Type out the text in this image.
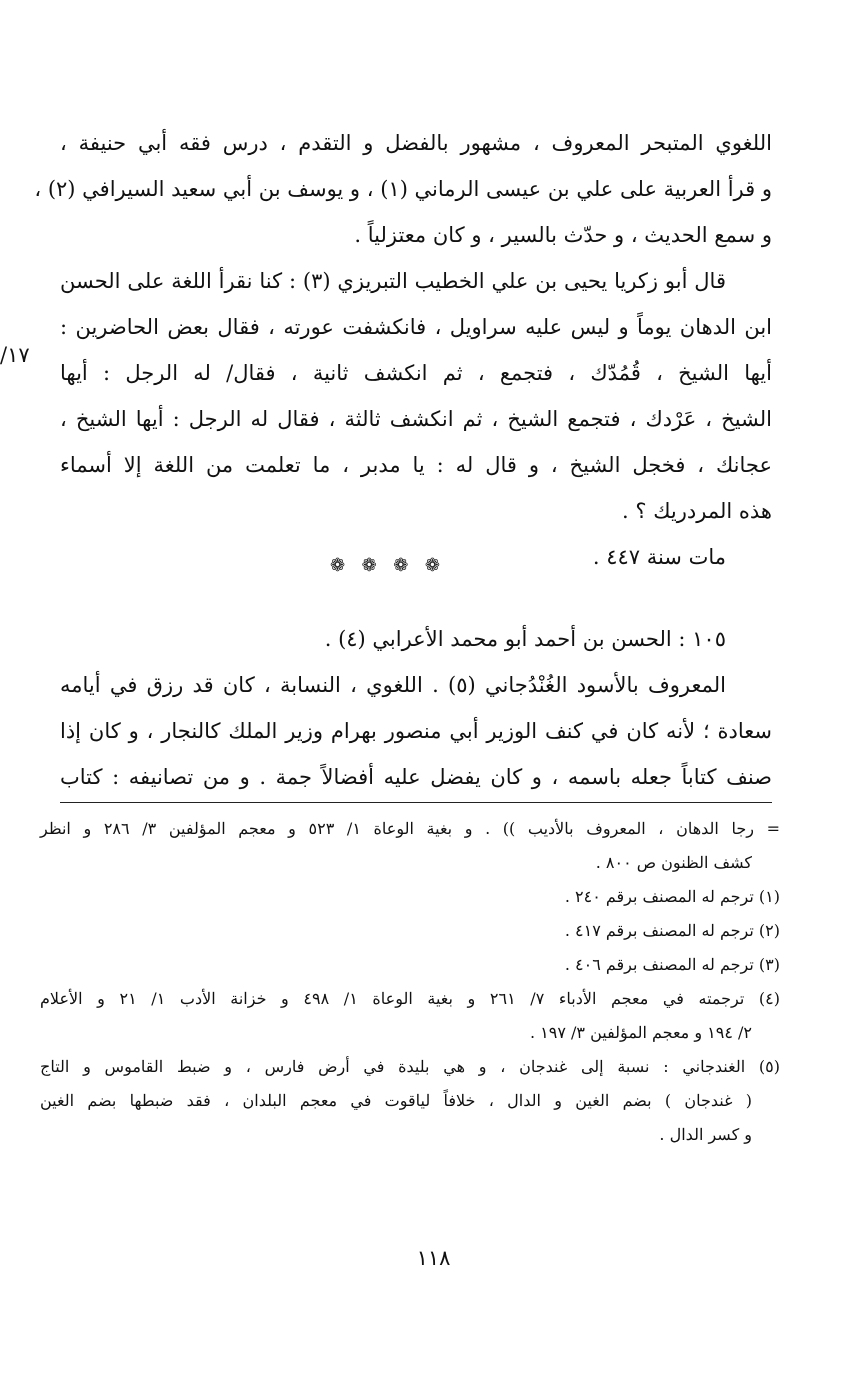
اللغوي المتبحر المعروف ، مشهور بالفضل و التقدم ، درس فقه أبي حنيفة ،
و قرأ العربية على علي بن عيسى الرماني (١) ، و يوسف بن أبي سعيد السيرافي (٢) ،
و سمع الحديث ، و حدّث بالسير ، و كان معتزلياً .
قال أبو زكريا يحيى بن علي الخطيب التبريزي (٣) : كنا نقرأ اللغة على الحسن
ابن الدهان يوماً و ليس عليه سراويل ، فانكشفت عورته ، فقال بعض الحاضرين :
أيها الشيخ ، قُمُدّك ، فتجمع ، ثم انكشف ثانية ، فقال/ له الرجل : أيها
الشيخ ، عَرْدك ، فتجمع الشيخ ، ثم انكشف ثالثة ، فقال له الرجل : أيها الشيخ ،
عجانك ، فخجل الشيخ ، و قال له : يا مدبر ، ما تعلمت من اللغة إلا أسماء
هذه المردريك ؟ .
مات سنة ٤٤٧ .
١٠٥ : الحسن بن أحمد أبو محمد الأعرابي (٤) .
المعروف بالأسود الغُنْدُجاني (٥) . اللغوي ، النسابة ، كان قد رزق في أيامه
سعادة ؛ لأنه كان في كنف الوزير أبي منصور بهرام وزير الملك كالنجار ، و كان إذا
صنف كتاباً جعله باسمه ، و كان يفضل عليه أفضالاً جمة . و من تصانيفه : كتاب
١٧/
❁ ❁ ❁ ❁
= رجا الدهان ، المعروف بالأديب )) . و بغية الوعاة ١/ ٥٢٣ و معجم المؤلفين ٣/ ٢٨٦ و انظر
كشف الظنون ص ٨٠٠ .
(١) ترجم له المصنف برقم ٢٤٠ .
(٢) ترجم له المصنف برقم ٤١٧ .
(٣) ترجم له المصنف برقم ٤٠٦ .
(٤) ترجمته في معجم الأدباء ٧/ ٢٦١ و بغية الوعاة ١/ ٤٩٨ و خزانة الأدب ١/ ٢١ و الأعلام
٢/ ١٩٤ و معجم المؤلفين ٣/ ١٩٧ .
(٥) الغندجاني : نسبة إلى غندجان ، و هي بليدة في أرض فارس ، و ضبط القاموس و التاج
( غندجان ) بضم الغين و الدال ، خلافاً لياقوت في معجم البلدان ، فقد ضبطها بضم الغين
و كسر الدال .
١١٨
